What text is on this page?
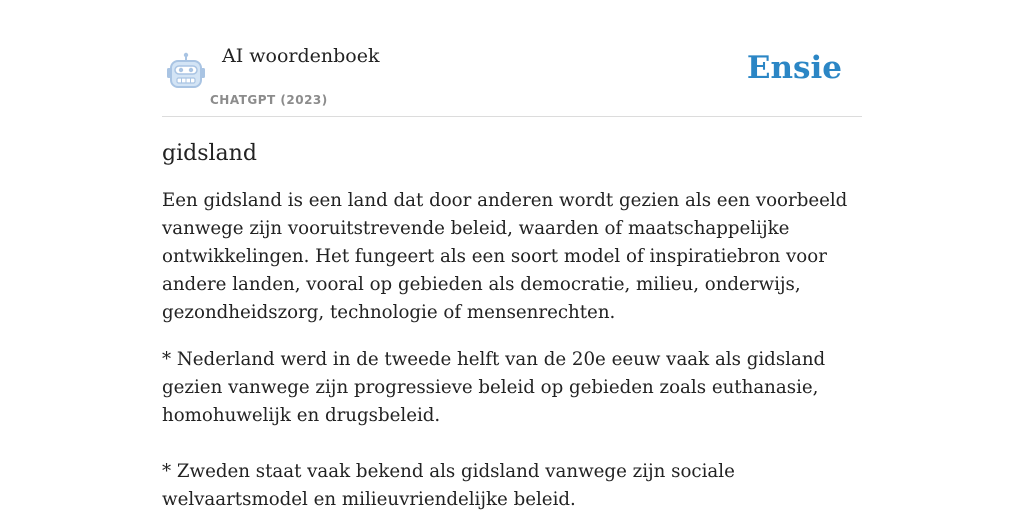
AI woordenboek
CHATGPT (2023)
Ensie
gidsland

Een gidsland is een land dat door anderen wordt gezien als een voorbeeld vanwege zijn vooruitstrevende beleid, waarden of maatschappelijke ontwikkelingen. Het fungeert als een soort model of inspiratiebron voor andere landen, vooral op gebieden als democratie, milieu, onderwijs, gezondheidszorg, technologie of mensenrechten.

* Nederland werd in de tweede helft van de 20e eeuw vaak als gidsland gezien vanwege zijn progressieve beleid op gebieden zoals euthanasie, homohuwelijk en drugsbeleid.

* Zweden staat vaak bekend als gidsland vanwege zijn sociale welvaartsmodel en milieuvriendelijke beleid.
